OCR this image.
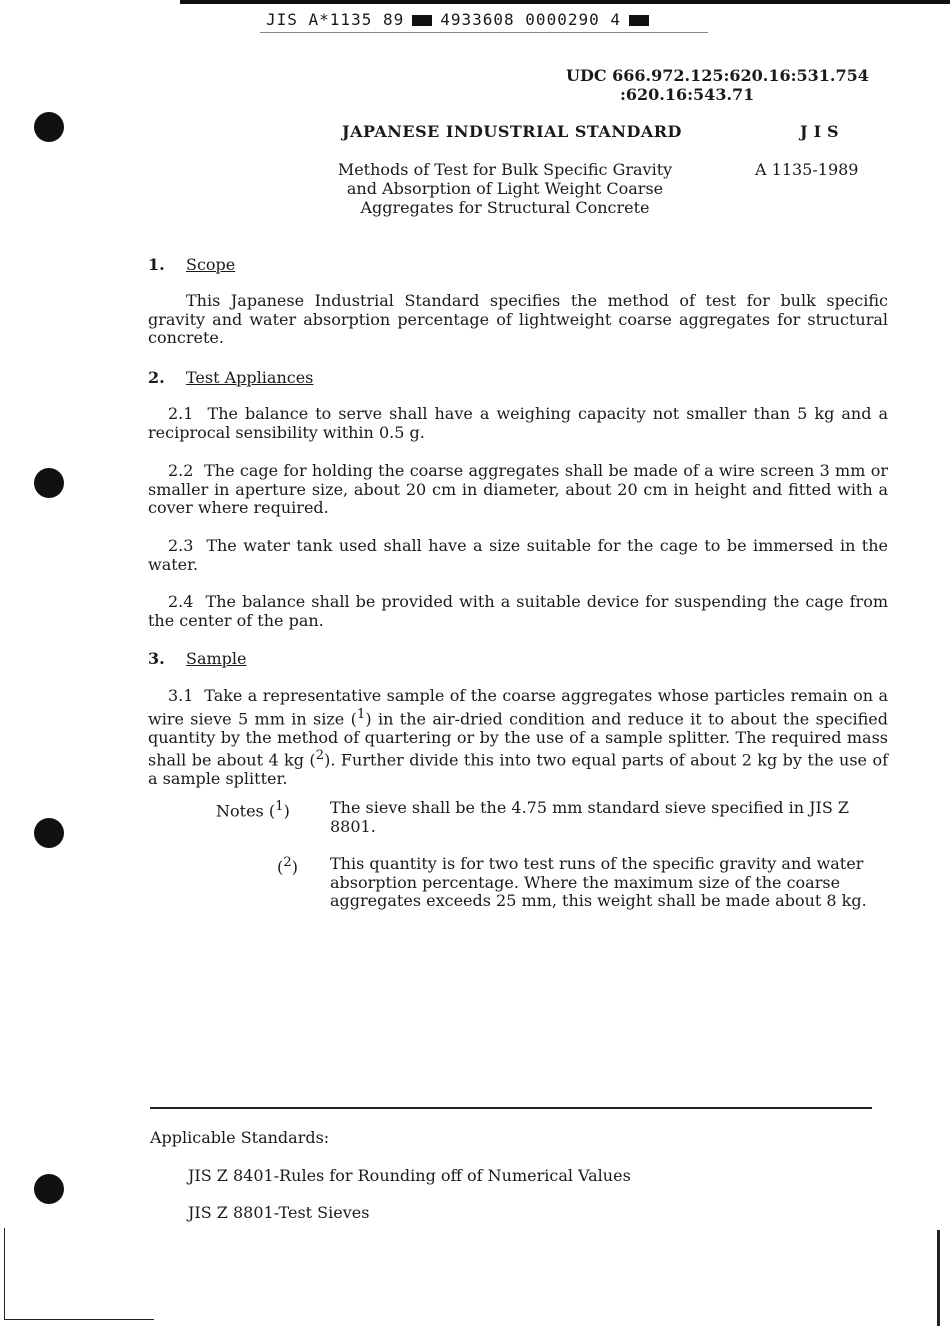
JIS A*1135 89 4933608 0000290 4
UDC 666.972.125:620.16:531.754
:620.16:543.71
JAPANESE INDUSTRIAL STANDARD	JIS
Methods of Test for Bulk Specific Gravity
and Absorption of Light Weight Coarse
Aggregates for Structural Concrete
A 1135-1989
1. Scope
This Japanese Industrial Standard specifies the method of test for bulk specific gravity and water absorption percentage of lightweight coarse aggregates for structural concrete.
2. Test Appliances
2.1 The balance to serve shall have a weighing capacity not smaller than 5 kg and a reciprocal sensibility within 0.5 g.
2.2 The cage for holding the coarse aggregates shall be made of a wire screen 3 mm or smaller in aperture size, about 20 cm in diameter, about 20 cm in height and fitted with a cover where required.
2.3 The water tank used shall have a size suitable for the cage to be immersed in the water.
2.4 The balance shall be provided with a suitable device for suspending the cage from the center of the pan.
3. Sample
3.1 Take a representative sample of the coarse aggregates whose particles remain on a wire sieve 5 mm in size ($^1$) in the air-dried condition and reduce it to about the specified quantity by the method of quartering or by the use of a sample splitter. The required mass shall be about 4 kg ($^2$). Further divide this into two equal parts of about 2 kg by the use of a sample splitter.
Notes ($^1$)	The sieve shall be the 4.75 mm standard sieve specified in JIS Z 8801.
($^2$) This quantity is for two test runs of the specific gravity and water absorption percentage. Where the maximum size of the coarse aggregates exceeds 25 mm, this weight shall be made about 8 kg.
Applicable Standards:
JIS Z 8401-Rules for Rounding off of Numerical Values
JIS Z 8801-Test Sieves
